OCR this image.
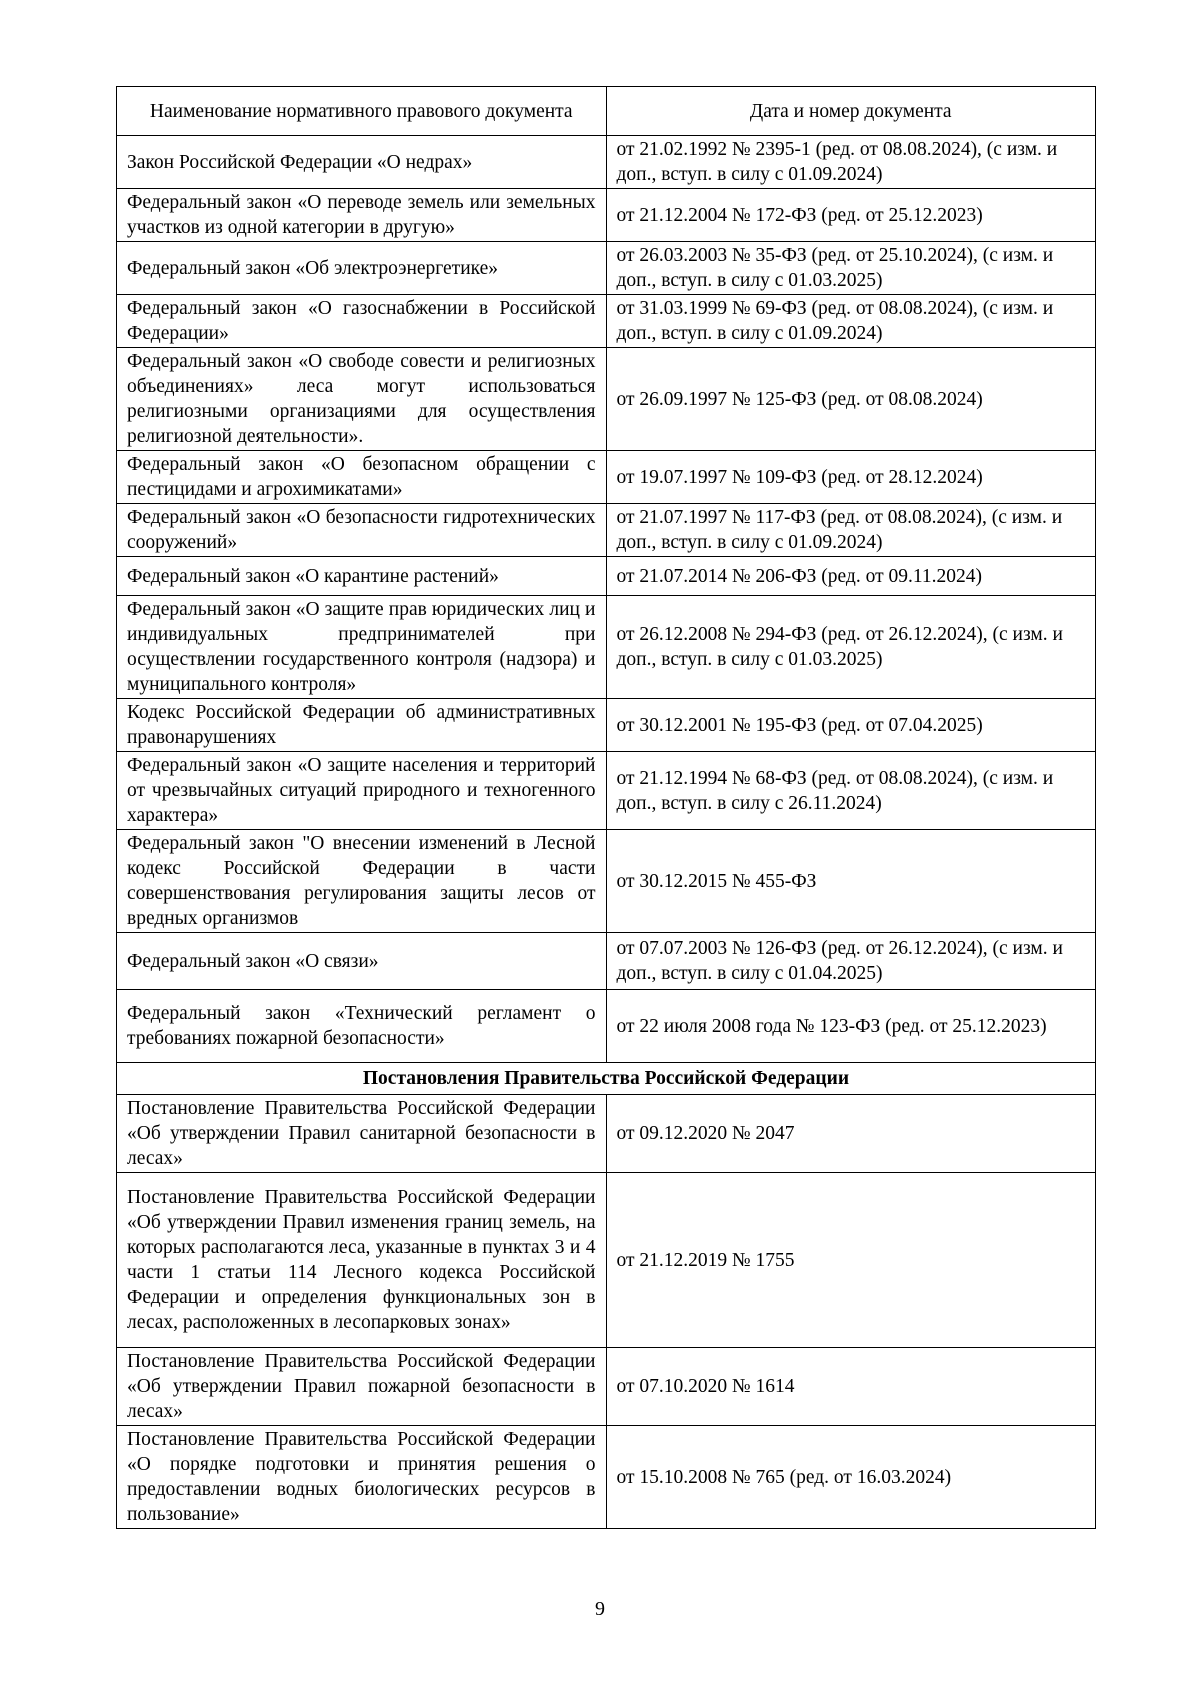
Наименование нормативного правового документа	Дата и номер документа
Закон Российской Федерации «О недрах»	от 21.02.1992 № 2395-1 (ред. от 08.08.2024), (с изм. и доп., вступ. в силу с 01.09.2024)
Федеральный закон «О переводе земель или земельных участков из одной категории в другую»	от 21.12.2004 № 172-ФЗ (ред. от 25.12.2023)
Федеральный закон «Об электроэнергетике»	от 26.03.2003 № 35-ФЗ (ред. от 25.10.2024), (с изм. и доп., вступ. в силу с 01.03.2025)
Федеральный закон «О газоснабжении в Российской Федерации»	от 31.03.1999 № 69-ФЗ (ред. от 08.08.2024), (с изм. и доп., вступ. в силу с 01.09.2024)
Федеральный закон «О свободе совести и религиозных объединениях» леса могут использоваться религиозными организациями для осуществления религиозной деятельности».	от 26.09.1997 № 125-ФЗ (ред. от 08.08.2024)
Федеральный закон «О безопасном обращении с пестицидами и агрохимикатами»	от 19.07.1997 № 109-ФЗ (ред. от 28.12.2024)
Федеральный закон «О безопасности гидротехнических сооружений»	от 21.07.1997 № 117-ФЗ (ред. от 08.08.2024), (с изм. и доп., вступ. в силу с 01.09.2024)
Федеральный закон «О карантине растений»	от 21.07.2014 № 206-ФЗ (ред. от 09.11.2024)
Федеральный закон «О защите прав юридических лиц и индивидуальных предпринимателей при осуществлении государственного контроля (надзора) и муниципального контроля»	от 26.12.2008 № 294-ФЗ (ред. от 26.12.2024), (с изм. и доп., вступ. в силу с 01.03.2025)
Кодекс Российской Федерации об административных правонарушениях	от 30.12.2001 № 195-ФЗ (ред. от 07.04.2025)
Федеральный закон «О защите населения и территорий от чрезвычайных ситуаций природного и техногенного характера»	от 21.12.1994 № 68-ФЗ (ред. от 08.08.2024), (с изм. и доп., вступ. в силу с 26.11.2024)
Федеральный закон "О внесении изменений в Лесной кодекс Российской Федерации в части совершенствования регулирования защиты лесов от вредных организмов	от 30.12.2015 № 455-ФЗ
Федеральный закон «О связи»	от 07.07.2003 № 126-ФЗ (ред. от 26.12.2024), (с изм. и доп., вступ. в силу с 01.04.2025)
Федеральный закон «Технический регламент о требованиях пожарной безопасности»	от 22 июля 2008 года № 123-ФЗ (ред. от 25.12.2023)
Постановления Правительства Российской Федерации	
Постановление Правительства Российской Федерации «Об утверждении Правил санитарной безопасности в лесах»	от 09.12.2020 № 2047
Постановление Правительства Российской Федерации «Об утверждении Правил изменения границ земель, на которых располагаются леса, указанные в пунктах 3 и 4 части 1 статьи 114 Лесного кодекса Российской Федерации и определения функциональных зон в лесах, расположенных в лесопарковых зонах»	от 21.12.2019 № 1755
Постановление Правительства Российской Федерации «Об утверждении Правил пожарной безопасности в лесах»	от 07.10.2020 № 1614
Постановление Правительства Российской Федерации «О порядке подготовки и принятия решения о предоставлении водных биологических ресурсов в пользование»	от 15.10.2008 № 765 (ред. от 16.03.2024)
9
